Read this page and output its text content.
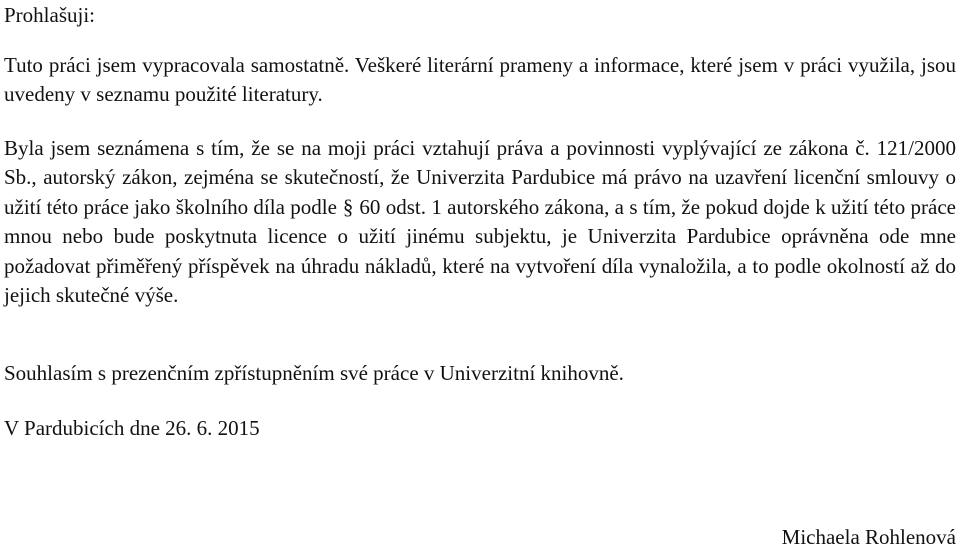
Prohlašuji:

Tuto práci jsem vypracovala samostatně. Veškeré literární prameny a informace, které jsem v práci využila, jsou uvedeny v seznamu použité literatury.

Byla jsem seznámena s tím, že se na moji práci vztahují práva a povinnosti vyplývající ze zákona č. 121/2000 Sb., autorský zákon, zejména se skutečností, že Univerzita Pardubice má právo na uzavření licenční smlouvy o užití této práce jako školního díla podle § 60 odst. 1 autorského zákona, a s tím, že pokud dojde k užití této práce mnou nebo bude poskytnuta licence o užití jinému subjektu, je Univerzita Pardubice oprávněna ode mne požadovat přiměřený příspěvek na úhradu nákladů, které na vytvoření díla vynaložila, a to podle okolností až do jejich skutečné výše.

Souhlasím s prezenčním zpřístupněním své práce v Univerzitní knihovně.

V Pardubicích dne 26. 6. 2015

Michaela Rohlenová
